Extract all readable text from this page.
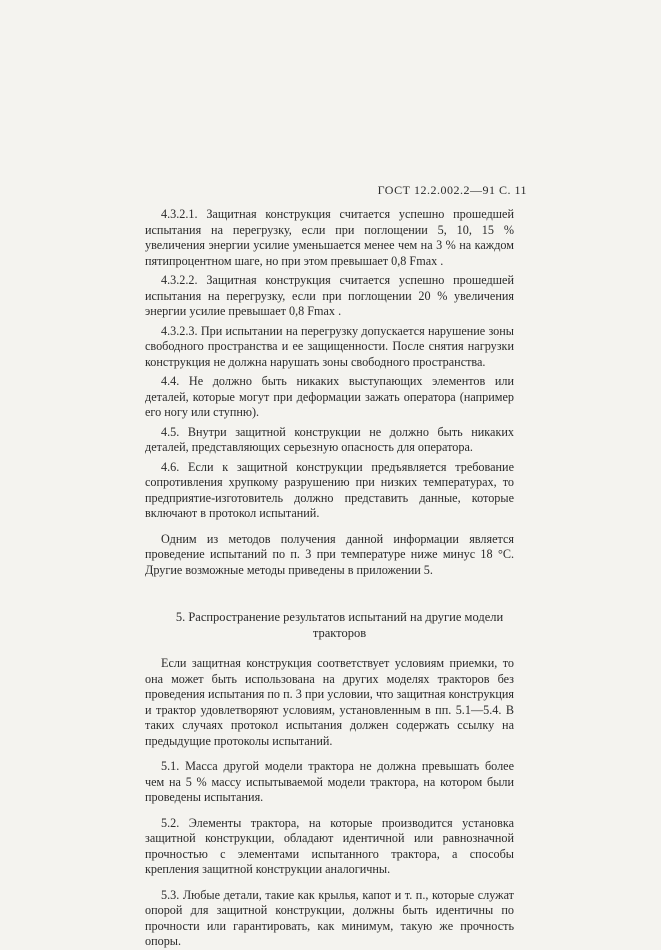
ГОСТ 12.2.002.2—91 С. 11

4.3.2.1. Защитная конструкция считается успешно прошедшей испытания на перегрузку, если при поглощении 5, 10, 15 % увеличения энергии усилие уменьшается менее чем на 3 % на каждом пятипроцентном шаге, но при этом превышает 0,8 Fmax .

4.3.2.2. Защитная конструкция считается успешно прошедшей испытания на перегрузку, если при поглощении 20 % увеличения энергии усилие превышает 0,8 Fmax .

4.3.2.3. При испытании на перегрузку допускается нарушение зоны свободного пространства и ее защищенности. После снятия нагрузки конструкция не должна нарушать зоны свободного пространства.

4.4. Не должно быть никаких выступающих элементов или деталей, которые могут при деформации зажать оператора (например его ногу или ступню).

4.5. Внутри защитной конструкции не должно быть никаких деталей, представляющих серьезную опасность для оператора.

4.6. Если к защитной конструкции предъявляется требование сопротивления хрупкому разрушению при низких температурах, то предприятие-изготовитель должно представить данные, которые включают в протокол испытаний.

Одним из методов получения данной информации является проведение испытаний по п. 3 при температуре ниже минус 18 °C. Другие возможные методы приведены в приложении 5.

5. Распространение результатов испытаний на другие модели тракторов

Если защитная конструкция соответствует условиям приемки, то она может быть использована на других моделях тракторов без проведения испытания по п. 3 при условии, что защитная конструкция и трактор удовлетворяют условиям, установленным в пп. 5.1—5.4. В таких случаях протокол испытания должен содержать ссылку на предыдущие протоколы испытаний.

5.1. Масса другой модели трактора не должна превышать более чем на 5 % массу испытываемой модели трактора, на котором были проведены испытания.

5.2. Элементы трактора, на которые производится установка защитной конструкции, обладают идентичной или равнозначной прочностью с элементами испытанного трактора, а способы крепления защитной конструкции аналогичны.

5.3. Любые детали, такие как крылья, капот и т. п., которые служат опорой для защитной конструкции, должны быть идентичны по прочности или гарантировать, как минимум, такую же прочность опоры.
